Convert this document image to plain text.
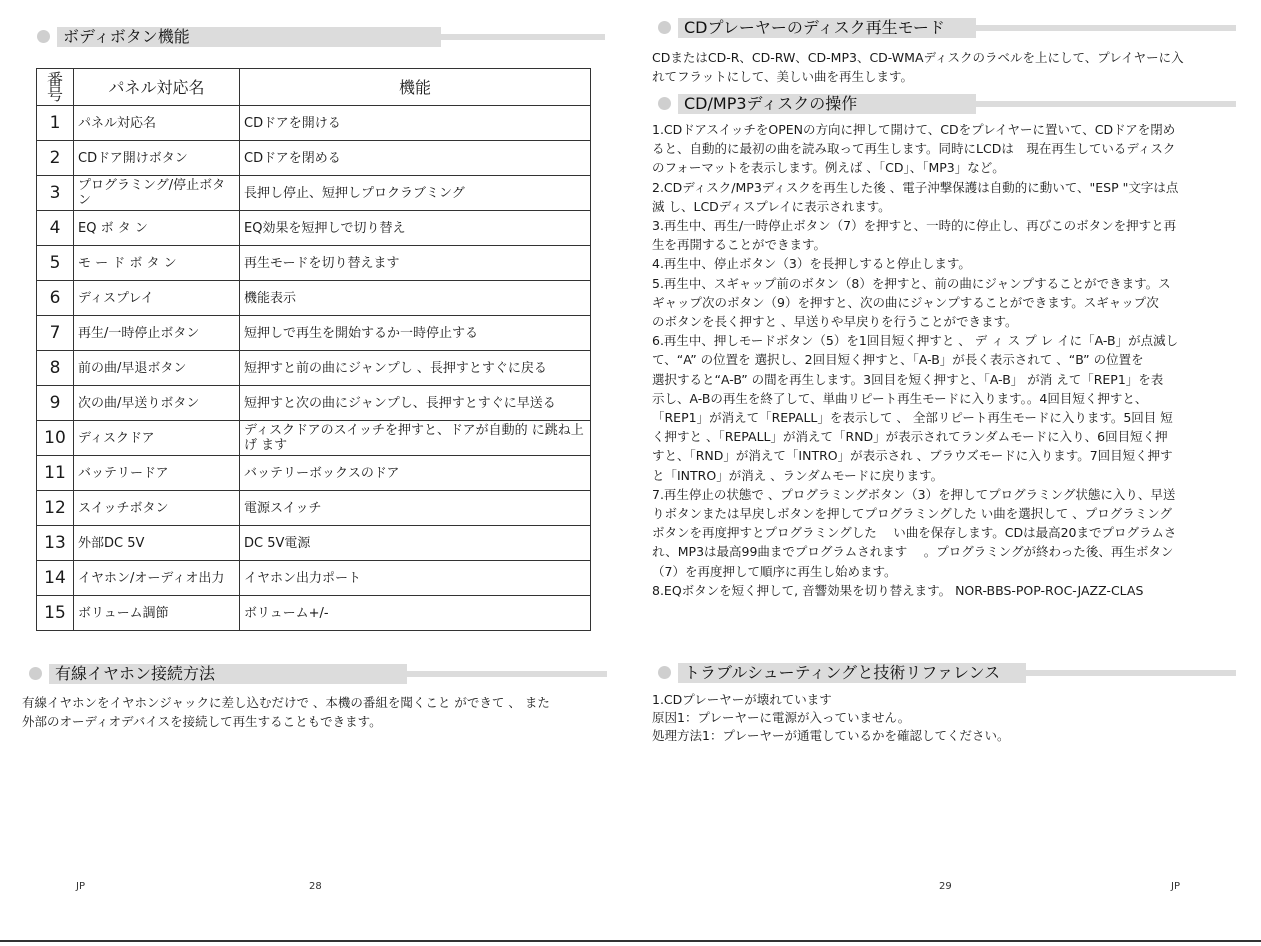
ボディボタン機能
番号	パネル対応名	機能
1	パネル対応名	CDドアを開ける
2	CDドア開けボタン	CDドアを閉める
3	プログラミング/停止ボタン	長押し停止、短押しプロクラブミング
4	EQ ボ タ ン	EQ効果を短押しで切り替え
5	モ ー ド ボ タ ン	再生モードを切り替えます
6	ディスプレイ	機能表示
7	再生/一時停止ボタン	短押しで再生を開始するか一時停止する
8	前の曲/早退ボタン	短押すと前の曲にジャンプし 、長押すとすぐに戻る
9	次の曲/早送りボタン	短押すと次の曲にジャンプし、長押すとすぐに早送る
10	ディスクドア	ディスクドアのスイッチを押すと、ドアが自動的 に跳ね上げ ます
11	バッテリードア	バッテリーボックスのドア
12	スイッチボタン	電源スイッチ
13	外部DC 5V	DC 5V電源
14	イヤホン/オーディオ出力	イヤホン出力ポート
15	ボリューム調節	ボリューム+/-
有線イヤホン接続方法
有線イヤホンをイヤホンジャックに差し込むだけで 、本機の番組を聞くこと ができて 、 また
外部のオーディオデバイスを接続して再生することもできます。
JP	28
CDプレーヤーのディスク再生モード
CDまたはCD-R、CD-RW、CD-MP3、CD-WMAディスクのラベルを上にして、プレイヤーに入
れてフラットにして、美しい曲を再生します。
CD/MP3ディスクの操作
1.CDドアスイッチをOPENの方向に押して開けて、CDをプレイヤーに置いて、CDドアを閉め
ると、自動的に最初の曲を読み取って再生します。同時にLCDは　現在再生しているディスク
のフォーマットを表示します。例えば 、「CD」、「MP3」など。
2.CDディスク/MP3ディスクを再生した後 、電子沖撃保護は自動的に動いて、"ESP "文字は点
滅 し、LCDディスプレイに表示されます。
3.再生中、再生/一時停止ボタン（7）を押すと、一時的に停止し、再びこのボタンを押すと再
生を再開することができます。
4.再生中、停止ボタン（3）を長押しすると停止します。
5.再生中、スギャップ前のボタン（8）を押すと、前の曲にジャンプすることができます。ス
ギャップ次のボタン（9）を押すと、次の曲にジャンプすることができます。スギャップ次
のボタンを長く押すと 、早送りや早戻りを行うことができます。
6.再生中、押しモードボタン（5）を1回目短く押すと 、 デ ィ ス プ レ イに「A-B」が点滅し
て、“A” の位置を 選択し、2回目短く押すと、「A-B」が長く表示されて 、“B” の位置を
選択すると“A-B” の間を再生します。3回目を短く押すと、「A-B」 が消 えて「REP1」を表
示し、A-Bの再生を終了して、単曲リピート再生モードに入ります。。4回目短く押すと、
「REP1」が消えて「REPALL」を表示して 、 全部リピート再生モードに入ります。5回目 短
く押すと 、「REPALL」が消えて「RND」が表示されてランダムモードに入り、6回目短く押
すと、「RND」が消えて「INTRO」が表示され 、ブラウズモードに入ります。7回目短く押す
と「INTRO」が消え 、ランダムモードに戻ります。
7.再生停止の状態で 、プログラミングボタン（3）を押してプログラミング状態に入り、早送
りボタンまたは早戻しボタンを押してプログラミングした い曲を選択して 、プログラミング
ボタンを再度押すとプログラミングした　 い曲を保存します。CDは最高20までプログラムさ
れ、MP3は最高99曲までプログラムされます　 。プログラミングが終わった後、再生ボタン
（7）を再度押して順序に再生し始めます。
8.EQボタンを短く押して, 音響効果を切り替えます。 NOR-BBS-POP-ROC-JAZZ-CLAS
トラブルシューティングと技術リファレンス
1.CDプレーヤーが壊れています
原因1：プレーヤーに電源が入っていません。
処理方法1：プレーヤーが通電しているかを確認してください。
29	JP
